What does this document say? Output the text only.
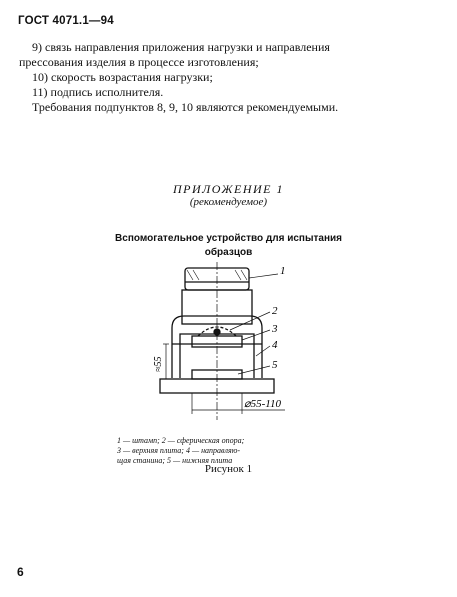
ГОСТ 4071.1—94

9) связь направления приложения нагрузки и направления

прессования изделия в процессе изготовления;

10) скорость возрастания нагрузки;

11) подпись исполнителя.

Требования подпунктов 8, 9, 10 являются рекомендуемыми.

ПРИЛОЖЕНИЕ 1
(рекомендуемое)
Вспомогательное устройство для испытания
образцов
1
2
3
4
5
≈55
⌀55-110
1 — штамп; 2 — сферическая опора;
3 — верхняя плита; 4 — направляю-
щая станина; 5 — нижняя плита
Рисунок 1
6
